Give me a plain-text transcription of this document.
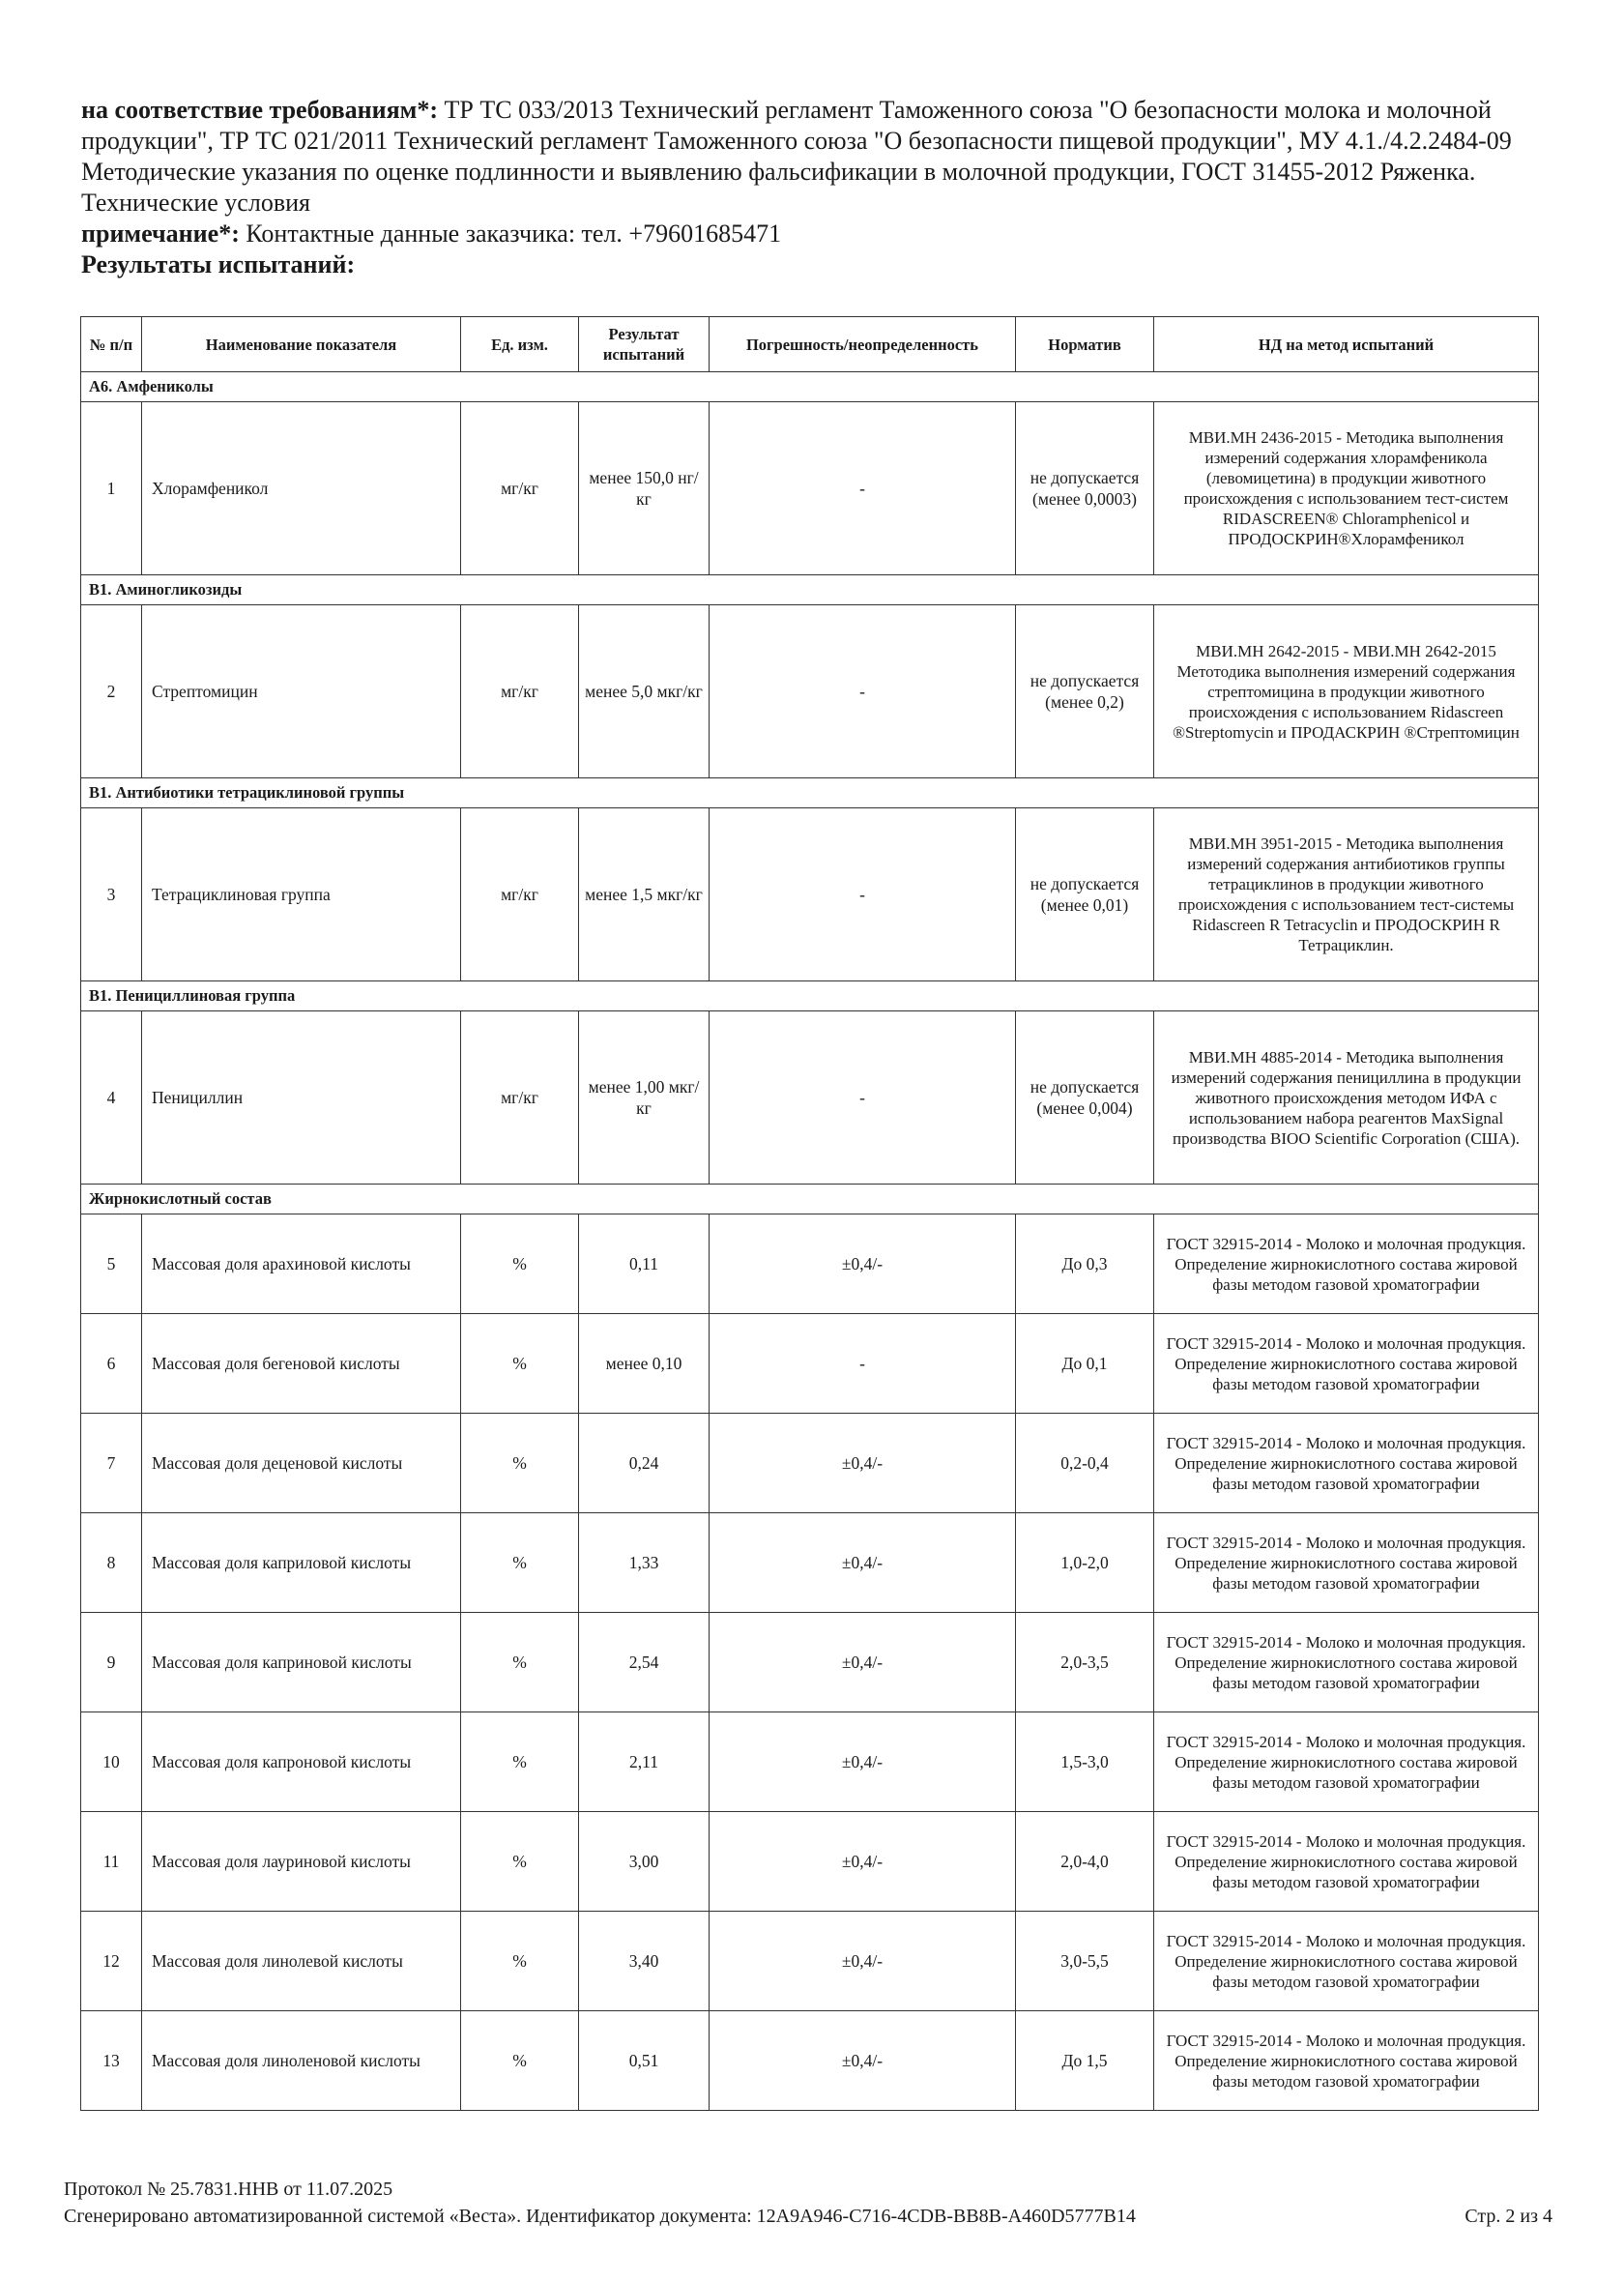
на соответствие требованиям*: ТР ТС 033/2013 Технический регламент Таможенного союза "О безопасности молока и молочной продукции", ТР ТС 021/2011 Технический регламент Таможенного союза "О безопасности пищевой продукции", МУ 4.1./4.2.2484-09 Методические указания по оценке подлинности и выявлению фальсификации в молочной продукции, ГОСТ 31455-2012 Ряженка. Технические условия

примечание*: Контактные данные заказчика: тел. +79601685471

Результаты испытаний:

№ п/п	Наименование показателя	Ед. изм.	Результат испытаний	Погрешность/неопределенность	Норматив	НД на метод испытаний
А6. Амфениколы						
1	Хлорамфеникол	мг/кг	менее 150,0 нг/кг	-	не допускается (менее 0,0003)	МВИ.МН 2436-2015 - Методика выполнения измерений содержания хлорамфеникола (левомицетина) в продукции животного происхождения с использованием тест-систем RIDASCREEN® Chloramphenicol и ПРОДОСКРИН®Хлорамфеникол
В1. Аминогликозиды						
2	Стрептомицин	мг/кг	менее 5,0 мкг/кг	-	не допускается (менее 0,2)	МВИ.МН 2642-2015 - МВИ.МН 2642-2015 Метотодика выполнения измерений содержания стрептомицина в продукции животного происхождения с использованием Ridascreen ®Streptomycin и ПРОДАСКРИН ®Стрептомицин
В1. Антибиотики тетрациклиновой группы						
3	Тетрациклиновая группа	мг/кг	менее 1,5 мкг/кг	-	не допускается (менее 0,01)	МВИ.МН 3951-2015 - Методика выполнения измерений содержания антибиотиков группы тетрациклинов в продукции животного происхождения с использованием тест-системы Ridascreen R Tetracyclin и ПРОДОСКРИН R Тетрациклин.
В1. Пенициллиновая группа						
4	Пенициллин	мг/кг	менее 1,00 мкг/кг	-	не допускается (менее 0,004)	МВИ.МН 4885-2014 - Методика выполнения измерений содержания пенициллина в продукции животного происхождения методом ИФА с использованием набора реагентов MaxSignal производства BIOO Scientific Corporation (США).
Жирнокислотный состав						
5	Массовая доля арахиновой кислоты	%	0,11	±0,4/-	До 0,3	ГОСТ 32915-2014 - Молоко и молочная продукция. Определение жирнокислотного состава жировой фазы методом газовой хроматографии
6	Массовая доля бегеновой кислоты	%	менее 0,10	-	До 0,1	ГОСТ 32915-2014 - Молоко и молочная продукция. Определение жирнокислотного состава жировой фазы методом газовой хроматографии
7	Массовая доля деценовой кислоты	%	0,24	±0,4/-	0,2-0,4	ГОСТ 32915-2014 - Молоко и молочная продукция. Определение жирнокислотного состава жировой фазы методом газовой хроматографии
8	Массовая доля каприловой кислоты	%	1,33	±0,4/-	1,0-2,0	ГОСТ 32915-2014 - Молоко и молочная продукция. Определение жирнокислотного состава жировой фазы методом газовой хроматографии
9	Массовая доля каприновой кислоты	%	2,54	±0,4/-	2,0-3,5	ГОСТ 32915-2014 - Молоко и молочная продукция. Определение жирнокислотного состава жировой фазы методом газовой хроматографии
10	Массовая доля капроновой кислоты	%	2,11	±0,4/-	1,5-3,0	ГОСТ 32915-2014 - Молоко и молочная продукция. Определение жирнокислотного состава жировой фазы методом газовой хроматографии
11	Массовая доля лауриновой кислоты	%	3,00	±0,4/-	2,0-4,0	ГОСТ 32915-2014 - Молоко и молочная продукция. Определение жирнокислотного состава жировой фазы методом газовой хроматографии
12	Массовая доля линолевой кислоты	%	3,40	±0,4/-	3,0-5,5	ГОСТ 32915-2014 - Молоко и молочная продукция. Определение жирнокислотного состава жировой фазы методом газовой хроматографии
13	Массовая доля линоленовой кислоты	%	0,51	±0,4/-	До 1,5	ГОСТ 32915-2014 - Молоко и молочная продукция. Определение жирнокислотного состава жировой фазы методом газовой хроматографии
Протокол № 25.7831.ННВ от 11.07.2025
Сгенерировано автоматизированной системой «Веста». Идентификатор документа: 12A9A946-C716-4CDB-BB8B-A460D5777B14	Стр. 2 из 4
